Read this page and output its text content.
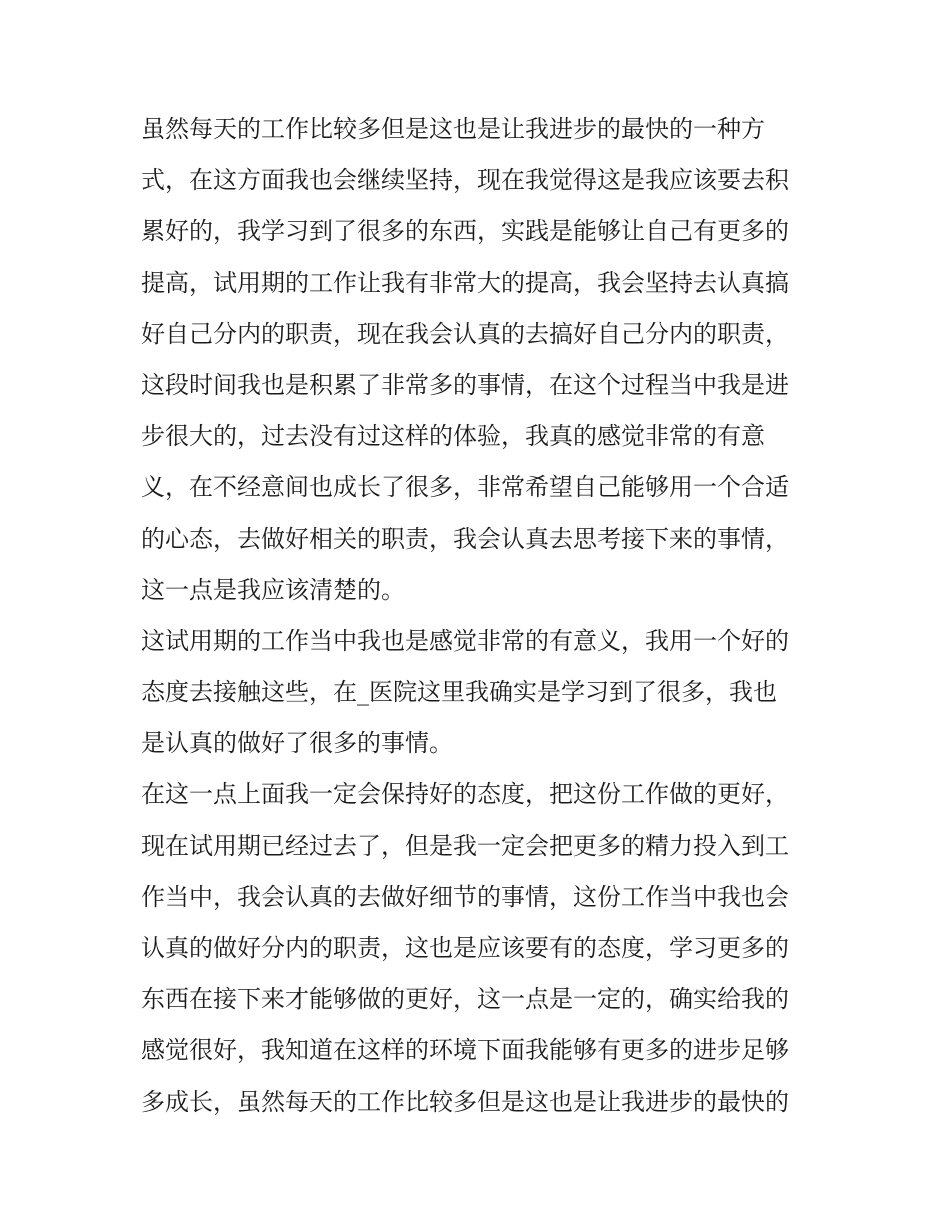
虽然每天的工作比较多但是这也是让我进步的最快的一种方
式，在这方面我也会继续坚持，现在我觉得这是我应该要去积
累好的，我学习到了很多的东西，实践是能够让自己有更多的
提高，试用期的工作让我有非常大的提高，我会坚持去认真搞
好自己分内的职责，现在我会认真的去搞好自己分内的职责，
这段时间我也是积累了非常多的事情，在这个过程当中我是进
步很大的，过去没有过这样的体验，我真的感觉非常的有意
义，在不经意间也成长了很多，非常希望自己能够用一个合适
的心态，去做好相关的职责，我会认真去思考接下来的事情，
这一点是我应该清楚的。
这试用期的工作当中我也是感觉非常的有意义，我用一个好的
态度去接触这些，在_医院这里我确实是学习到了很多，我也
是认真的做好了很多的事情。
在这一点上面我一定会保持好的态度，把这份工作做的更好，
现在试用期已经过去了，但是我一定会把更多的精力投入到工
作当中，我会认真的去做好细节的事情，这份工作当中我也会
认真的做好分内的职责，这也是应该要有的态度，学习更多的
东西在接下来才能够做的更好，这一点是一定的，确实给我的
感觉很好，我知道在这样的环境下面我能够有更多的进步足够
多成长，虽然每天的工作比较多但是这也是让我进步的最快的
